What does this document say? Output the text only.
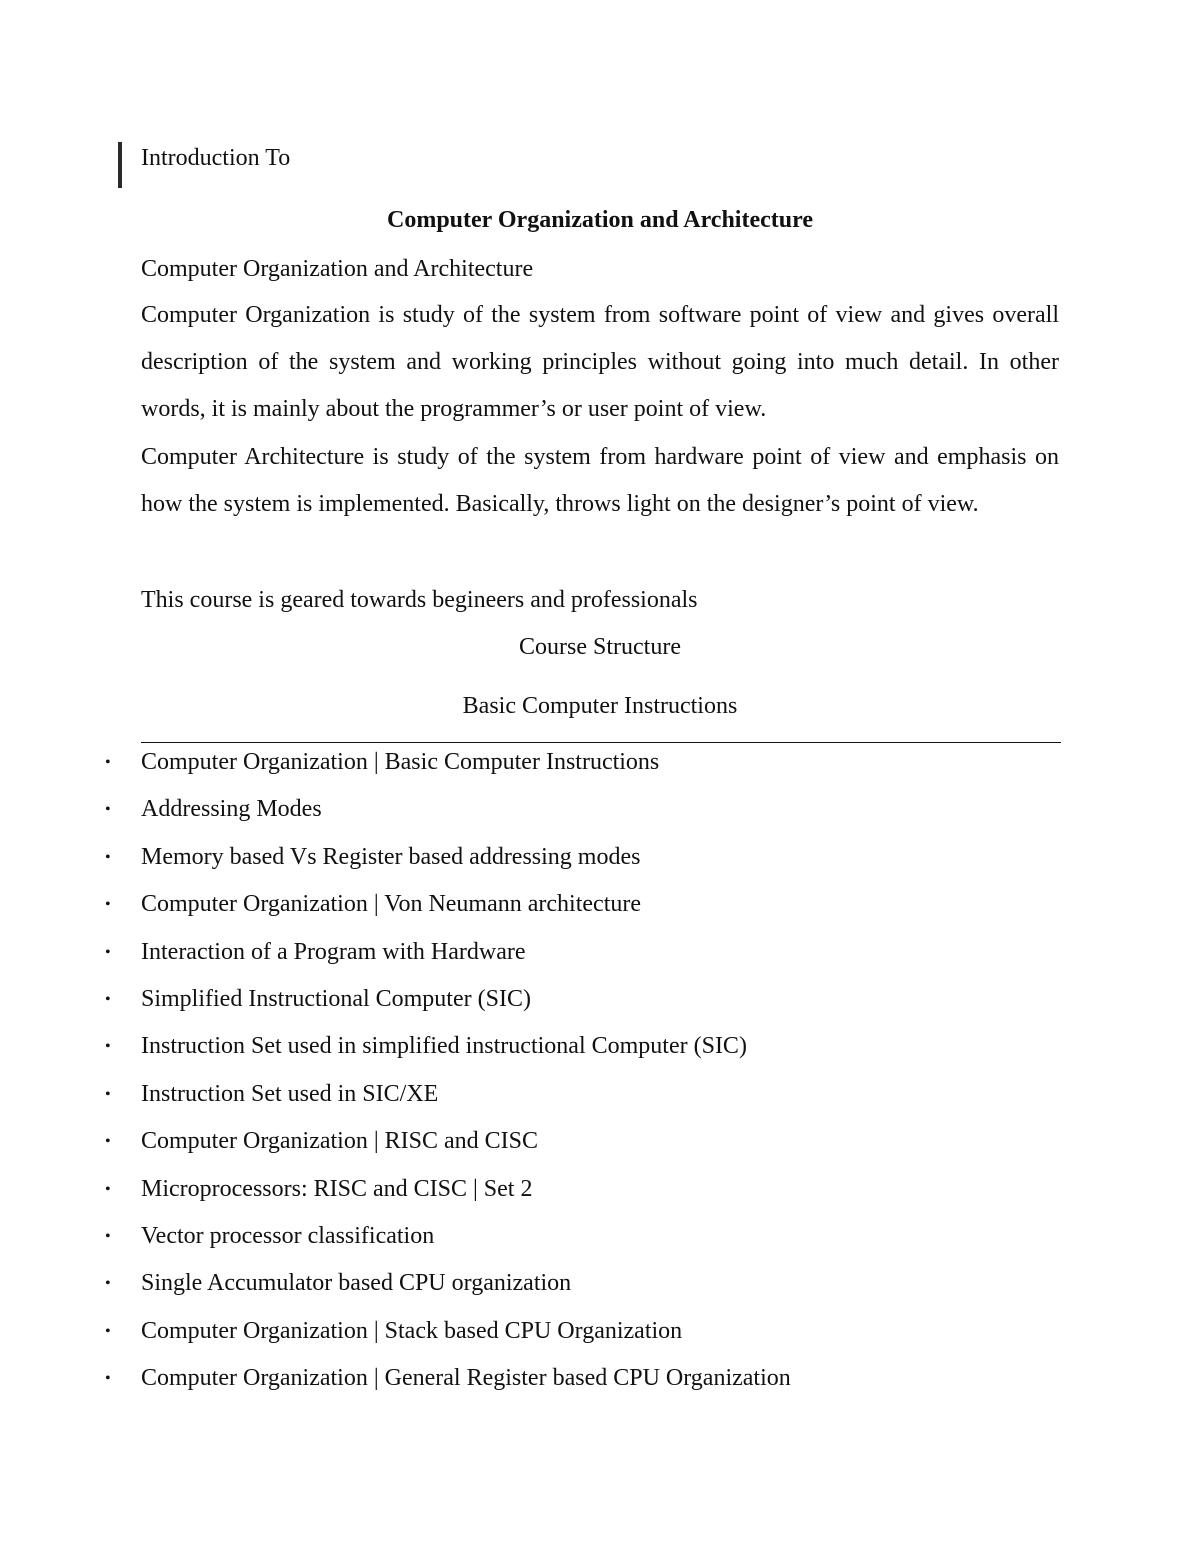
Introduction To
Computer Organization and Architecture
Computer Organization and Architecture
Computer Organization is study of the system from software point of view and gives overall description of the system and working principles without going into much detail. In other words, it is mainly about the programmer’s or user point of view.
Computer Architecture is study of the system from hardware point of view and emphasis on how the system is implemented. Basically, throws light on the designer’s point of view.
This course is geared towards begineers and professionals
Course Structure
Basic Computer Instructions
• Computer Organization | Basic Computer Instructions
• Addressing Modes
• Memory based Vs Register based addressing modes
• Computer Organization | Von Neumann architecture
• Interaction of a Program with Hardware
• Simplified Instructional Computer (SIC)
• Instruction Set used in simplified instructional Computer (SIC)
• Instruction Set used in SIC/XE
• Computer Organization | RISC and CISC
• Microprocessors: RISC and CISC | Set 2
• Vector processor classification
• Single Accumulator based CPU organization
• Computer Organization | Stack based CPU Organization
• Computer Organization | General Register based CPU Organization
